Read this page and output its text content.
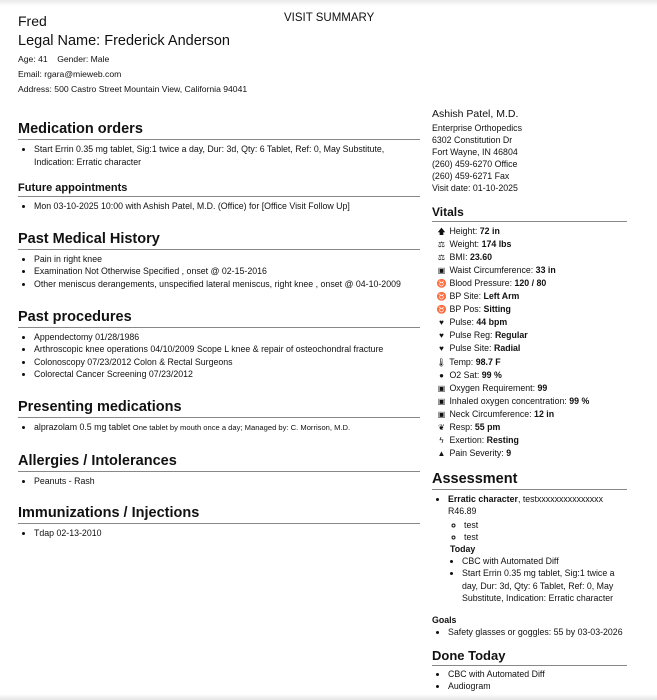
VISIT SUMMARY
Fred
Legal Name: Frederick Anderson
Age: 41 Gender: Male
Email: rgara@mieweb.com
Address: 500 Castro Street Mountain View, California 94041
Medication orders
• Start Errin 0.35 mg tablet, Sig:1 twice a day, Dur: 3d, Qty: 6 Tablet, Ref: 0, May Substitute, Indication: Erratic character
Future appointments
• Mon 03-10-2025 10:00 with Ashish Patel, M.D. (Office) for [Office Visit Follow Up]
Past Medical History
• Pain in right knee
• Examination Not Otherwise Specified , onset @ 02-15-2016
• Other meniscus derangements, unspecified lateral meniscus, right knee , onset @ 04-10-2009
Past procedures
• Appendectomy 01/28/1986
• Arthroscopic knee operations 04/10/2009 Scope L knee & repair of osteochondral fracture
• Colonoscopy 07/23/2012 Colon & Rectal Surgeons
• Colorectal Cancer Screening 07/23/2012
Presenting medications
• alprazolam 0.5 mg tablet One tablet by mouth once a day; Managed by: C. Morrison, M.D.
Allergies / Intolerances
• Peanuts - Rash
Immunizations / Injections
• Tdap 02-13-2010
Ashish Patel, M.D.
Enterprise Orthopedics
6302 Constitution Dr
Fort Wayne, IN 46804
(260) 459-6270 Office
(260) 459-6271 Fax
Visit date: 01-10-2025
Vitals
🡅 Height: 72 in
⚖ Weight: 174 lbs
⚖ BMI: 23.60
▣ Waist Circumference: 33 in
♉ Blood Pressure: 120 / 80
♉ BP Site: Left Arm
♉ BP Pos: Sitting
♥ Pulse: 44 bpm
♥ Pulse Reg: Regular
♥ Pulse Site: Radial
🌡 Temp: 98.7 F
● O2 Sat: 99 %
▣ Oxygen Requirement: 99
▣ Inhaled oxygen concentration: 99 %
▣ Neck Circumference: 12 in
❦ Resp: 55 pm
ϟ Exertion: Resting
▲ Pain Severity: 9
Assessment
• Erratic character, testxxxxxxxxxxxxxxx R46.89
◦ test
◦ test
Today
• CBC with Automated Diff
• Start Errin 0.35 mg tablet, Sig:1 twice a day, Dur: 3d, Qty: 6 Tablet, Ref: 0, May Substitute, Indication: Erratic character
Goals
• Safety glasses or goggles: 55 by 03-03-2026
Done Today
• CBC with Automated Diff
• Audiogram
